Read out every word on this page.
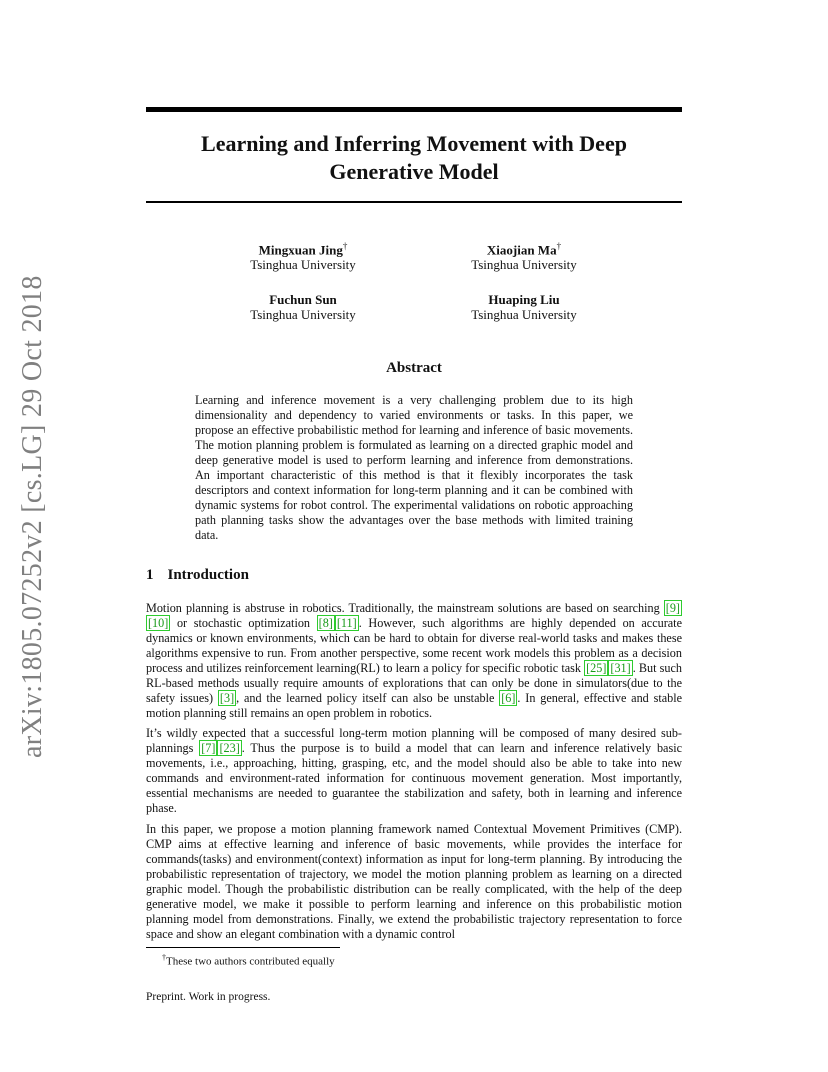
arXiv:1805.07252v2 [cs.LG] 29 Oct 2018
Learning and Inferring Movement with Deep
Generative Model
Mingxuan Jing†
Tsinghua University
Xiaojian Ma†
Tsinghua University
Fuchun Sun
Tsinghua University
Huaping Liu
Tsinghua University
Abstract
Learning and inference movement is a very challenging problem due to its high dimensionality and dependency to varied environments or tasks. In this paper, we propose an effective probabilistic method for learning and inference of basic movements. The motion planning problem is formulated as learning on a directed graphic model and deep generative model is used to perform learning and inference from demonstrations. An important characteristic of this method is that it flexibly incorporates the task descriptors and context information for long-term planning and it can be combined with dynamic systems for robot control. The experimental validations on robotic approaching path planning tasks show the advantages over the base methods with limited training data.
1 Introduction
Motion planning is abstruse in robotics. Traditionally, the mainstream solutions are based on searching [9][10] or stochastic optimization [8] [11] . However, such algorithms are highly depended on accurate dynamics or known environments, which can be hard to obtain for diverse real-world tasks and makes these algorithms expensive to run. From another perspective, some recent work models this problem as a decision process and utilizes reinforcement learning(RL) to learn a policy for specific robotic task [25] [31] . But such RL-based methods usually require amounts of explorations that can only be done in simulators(due to the safety issues) [3] , and the learned policy itself can also be unstable [6] . In general, effective and stable motion planning still remains an open problem in robotics.
It’s wildly expected that a successful long-term motion planning will be composed of many desired sub-plannings [7] [23] . Thus the purpose is to build a model that can learn and inference relatively basic movements, i.e., approaching, hitting, grasping, etc, and the model should also be able to take into new commands and environment-rated information for continuous movement generation. Most importantly, essential mechanisms are needed to guarantee the stabilization and safety, both in learning and inference phase.
In this paper, we propose a motion planning framework named Contextual Movement Primitives (CMP). CMP aims at effective learning and inference of basic movements, while provides the interface for commands(tasks) and environment(context) information as input for long-term planning. By introducing the probabilistic representation of trajectory, we model the motion planning problem as learning on a directed graphic model. Though the probabilistic distribution can be really complicated, with the help of the deep generative model, we make it possible to perform learning and inference on this probabilistic motion planning model from demonstrations. Finally, we extend the probabilistic trajectory representation to force space and show an elegant combination with a dynamic control
†These two authors contributed equally
Preprint. Work in progress.
